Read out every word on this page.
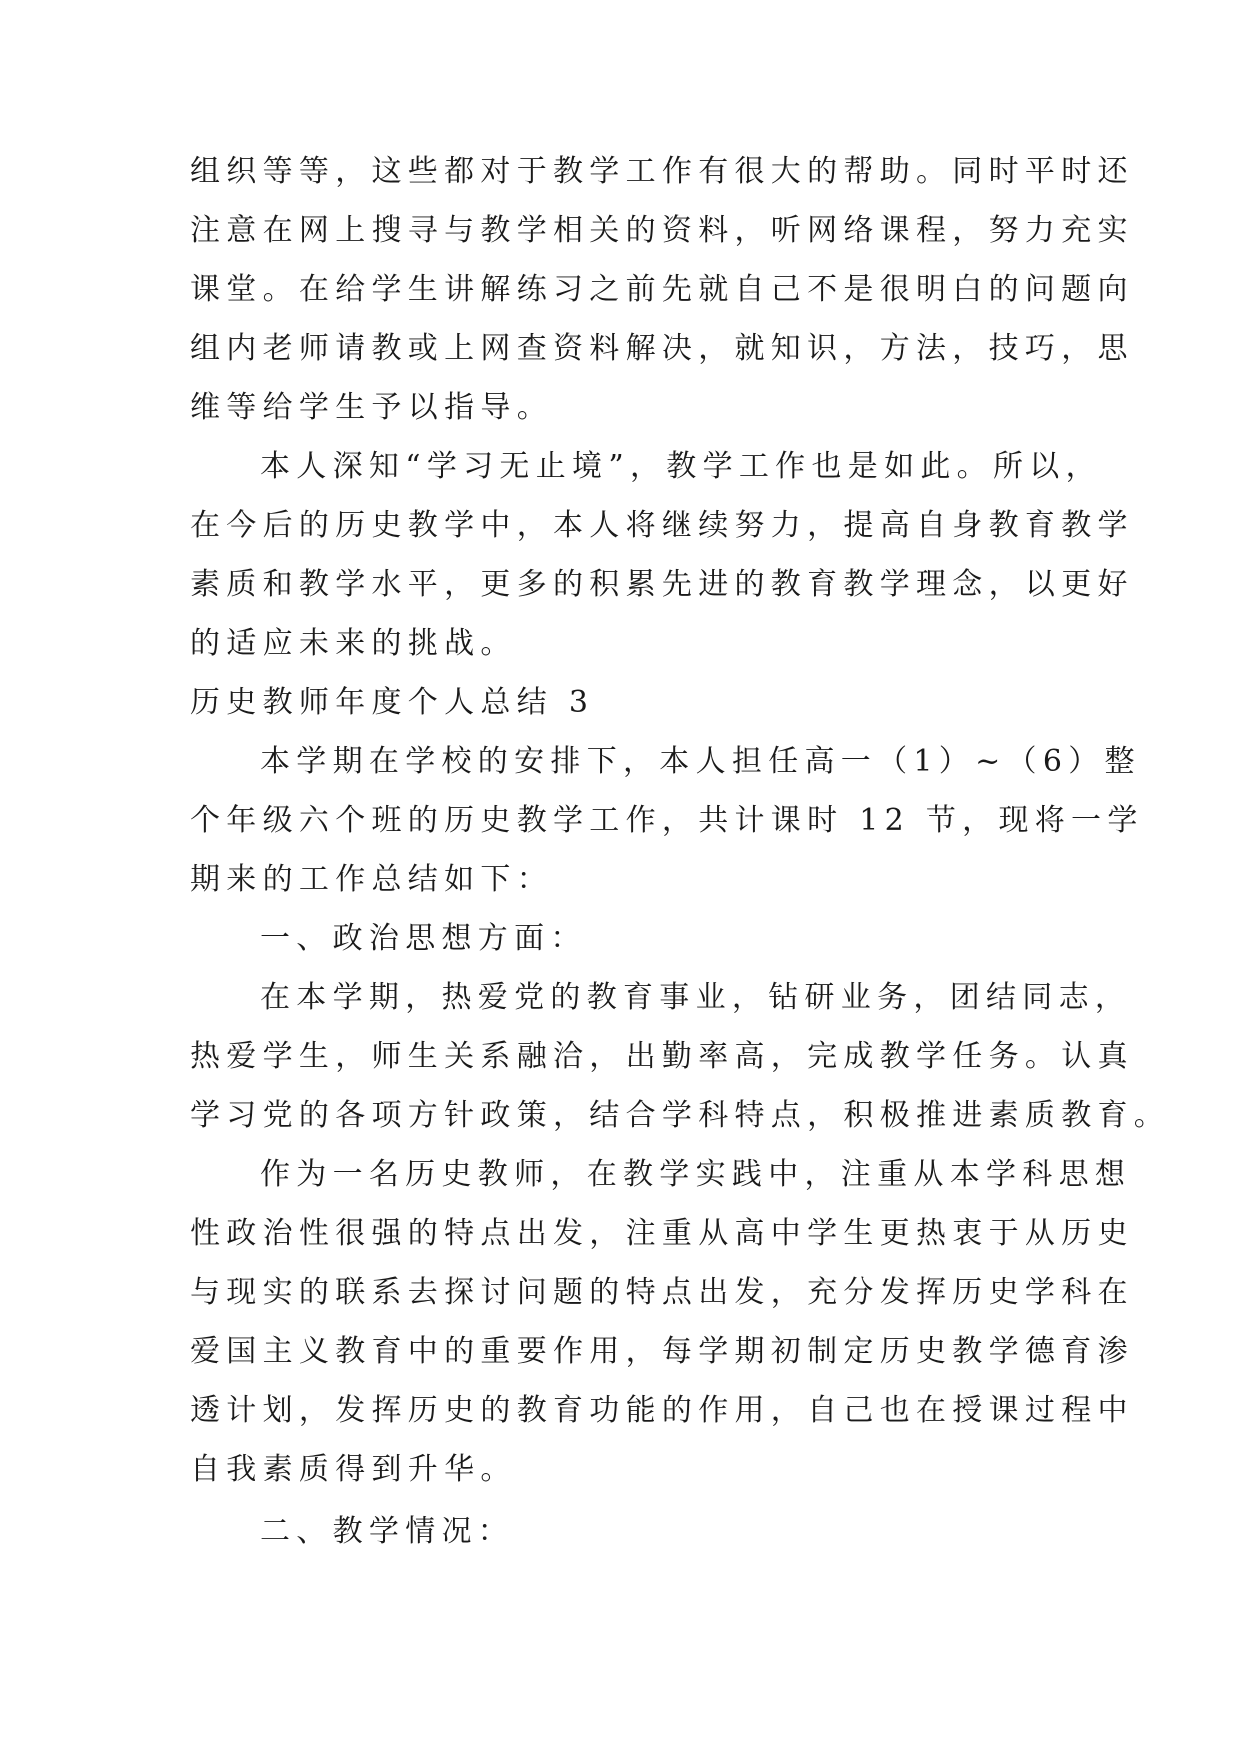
组织等等，这些都对于教学工作有很大的帮助。同时平时还
注意在网上搜寻与教学相关的资料，听网络课程，努力充实
课堂。在给学生讲解练习之前先就自己不是很明白的问题向
组内老师请教或上网查资料解决，就知识，方法，技巧，思
维等给学生予以指导。
本人深知“学习无止境”，教学工作也是如此。所以，
在今后的历史教学中，本人将继续努力，提高自身教育教学
素质和教学水平，更多的积累先进的教育教学理念，以更好
的适应未来的挑战。
历史教师年度个人总结 3
本学期在学校的安排下，本人担任高一（1）~（6）整
个年级六个班的历史教学工作，共计课时 12 节，现将一学
期来的工作总结如下：
一、政治思想方面：
在本学期，热爱党的教育事业，钻研业务，团结同志，
热爱学生，师生关系融洽，出勤率高，完成教学任务。认真
学习党的各项方针政策，结合学科特点，积极推进素质教育。
作为一名历史教师，在教学实践中，注重从本学科思想
性政治性很强的特点出发，注重从高中学生更热衷于从历史
与现实的联系去探讨问题的特点出发，充分发挥历史学科在
爱国主义教育中的重要作用，每学期初制定历史教学德育渗
透计划，发挥历史的教育功能的作用，自己也在授课过程中
自我素质得到升华。
二、教学情况：
